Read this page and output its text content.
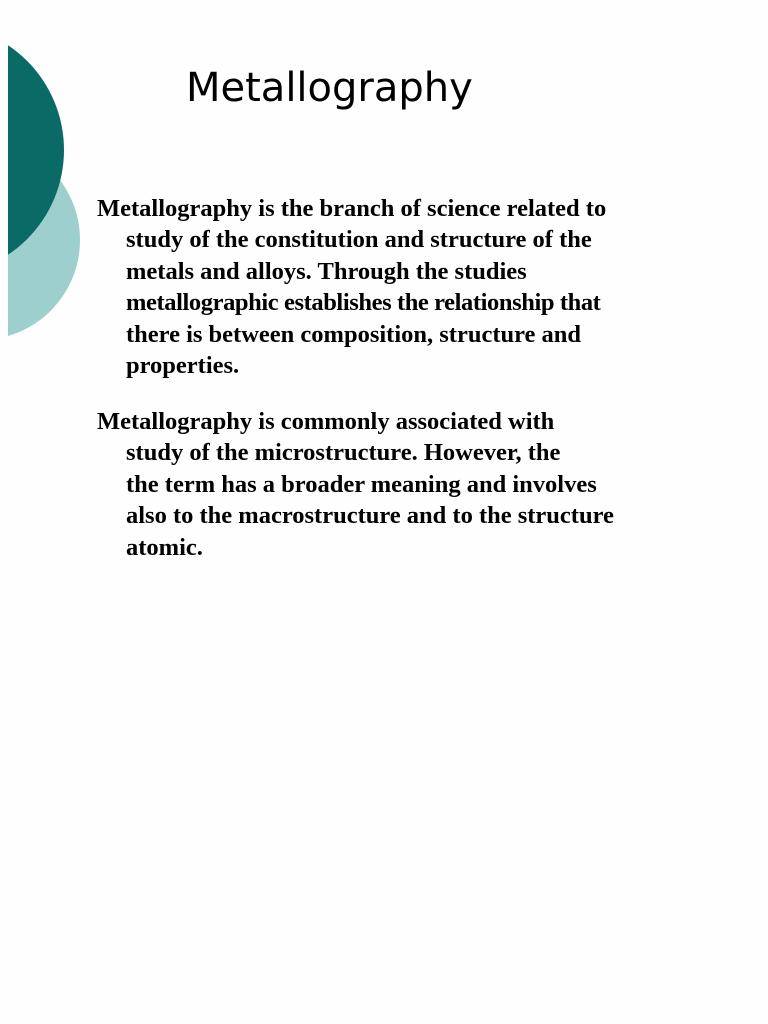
Metallography
Metallography is the branch of science related to
study of the constitution and structure of the
metals and alloys. Through the studies
metallographic establishes the relationship that
there is between composition, structure and
properties.
Metallography is commonly associated with
study of the microstructure. However, the
the term has a broader meaning and involves
also to the macrostructure and to the structure
atomic.
